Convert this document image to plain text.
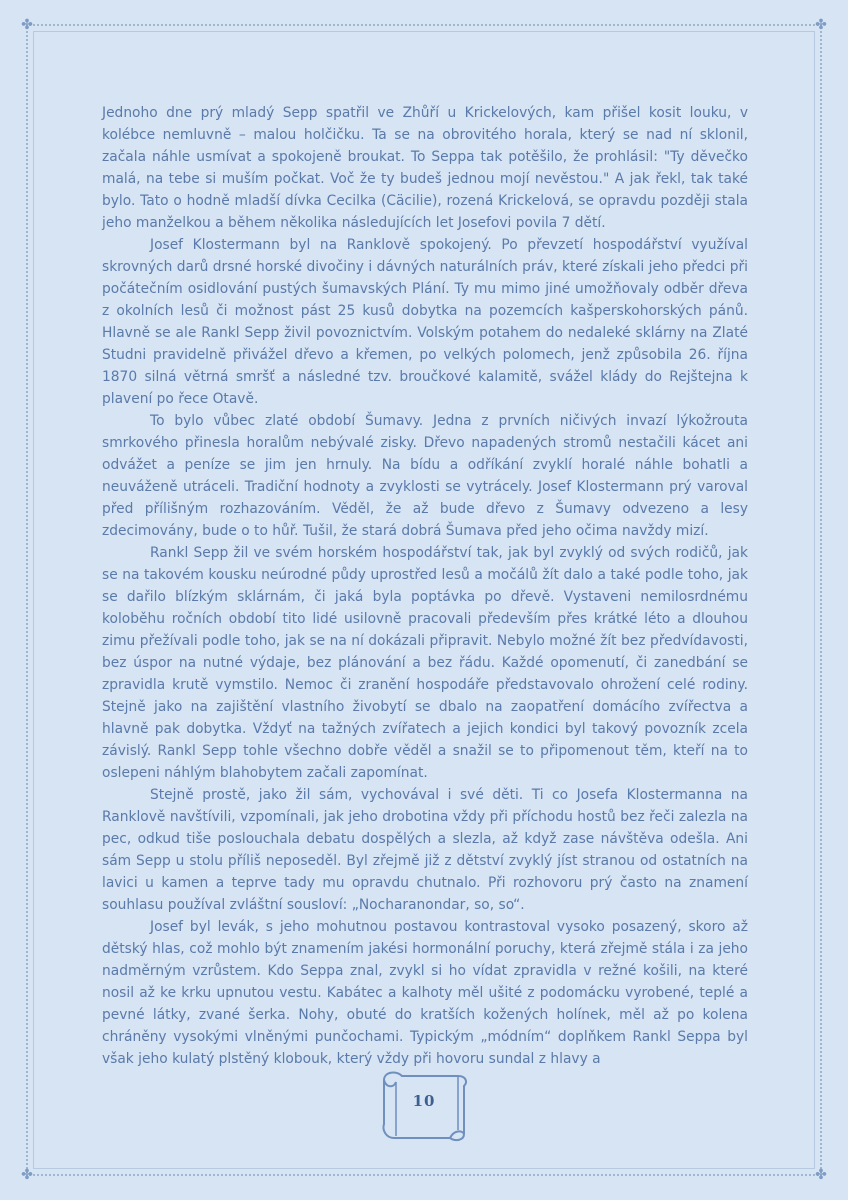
✤	✤
✤	✤

Jednoho dne prý mladý Sepp spatřil ve Zhůří u Krickelových, kam přišel kosit louku, v kolébce nemluvně – malou holčičku. Ta se na obrovitého horala, který se nad ní sklonil, začala náhle usmívat a spokojeně broukat. To Seppa tak potěšilo, že prohlásil: "Ty děvečko malá, na tebe si muším počkat. Voč že ty budeš jednou mojí nevěstou." A jak řekl, tak také bylo. Tato o hodně mladší dívka Cecilka (Cäcilie), rozená Krickelová, se opravdu později stala jeho manželkou a během několika následujících let Josefovi povila 7 dětí.

Josef Klostermann byl na Ranklově spokojený. Po převzetí hospodářství využíval skrovných darů drsné horské divočiny i dávných naturálních práv, které získali jeho předci při počátečním osidlování pustých šumavských Plání. Ty mu mimo jiné umožňovaly odběr dřeva z okolních lesů či možnost pást 25 kusů dobytka na pozemcích kašperskohorských pánů. Hlavně se ale Rankl Sepp živil povoznictvím. Volským potahem do nedaleké sklárny na Zlaté Studni pravidelně přivážel dřevo a křemen, po velkých polomech, jenž způsobila 26. října 1870 silná větrná smršť a následné tzv. broučkové kalamitě, svážel klády do Rejštejna k plavení po řece Otavě.

To bylo vůbec zlaté období Šumavy. Jedna z prvních ničivých invazí lýkožrouta smrkového přinesla horalům nebývalé zisky. Dřevo napadených stromů nestačili kácet ani odvážet a peníze se jim jen hrnuly. Na bídu a odříkání zvyklí horalé náhle bohatli a neuváženě utráceli. Tradiční hodnoty a zvyklosti se vytrácely. Josef Klostermann prý varoval před přílišným rozhazováním. Věděl, že až bude dřevo z Šumavy odvezeno a lesy zdecimovány, bude o to hůř. Tušil, že stará dobrá Šumava před jeho očima navždy mizí.

Rankl Sepp žil ve svém horském hospodářství tak, jak byl zvyklý od svých rodičů, jak se na takovém kousku neúrodné půdy uprostřed lesů a močálů žít dalo a také podle toho, jak se dařilo blízkým sklárnám, či jaká byla poptávka po dřevě. Vystaveni nemilosrdnému koloběhu ročních období tito lidé usilovně pracovali především přes krátké léto a dlouhou zimu přežívali podle toho, jak se na ní dokázali připravit. Nebylo možné žít bez předvídavosti, bez úspor na nutné výdaje, bez plánování a bez řádu. Každé opomenutí, či zanedbání se zpravidla krutě vymstilo. Nemoc či zranění hospodáře představovalo ohrožení celé rodiny. Stejně jako na zajištění vlastního živobytí se dbalo na zaopatření domácího zvířectva a hlavně pak dobytka. Vždyť na tažných zvířatech a jejich kondici byl takový povozník zcela závislý. Rankl Sepp tohle všechno dobře věděl a snažil se to připomenout těm, kteří na to oslepeni náhlým blahobytem začali zapomínat.

Stejně prostě, jako žil sám, vychovával i své děti. Ti co Josefa Klostermanna na Ranklově navštívili, vzpomínali, jak jeho drobotina vždy při příchodu hostů bez řeči zalezla na pec, odkud tiše poslouchala debatu dospělých a slezla, až když zase návštěva odešla. Ani sám Sepp u stolu příliš neposeděl. Byl zřejmě již z dětství zvyklý jíst stranou od ostatních na lavici u kamen a teprve tady mu opravdu chutnalo. Při rozhovoru prý často na znamení souhlasu používal zvláštní sousloví: „Nocharanondar, so, so“.

Josef byl levák, s jeho mohutnou postavou kontrastoval vysoko posazený, skoro až dětský hlas, což mohlo být znamením jakési hormonální poruchy, která zřejmě stála i za jeho nadměrným vzrůstem. Kdo Seppa znal, zvykl si ho vídat zpravidla v režné košili, na které nosil až ke krku upnutou vestu. Kabátec a kalhoty měl ušité z podomácku vyrobené, teplé a pevné látky, zvané šerka. Nohy, obuté do kratších kožených holínek, měl až po kolena chráněny vysokými vlněnými punčochami. Typickým „módním“ doplňkem Rankl Seppa byl však jeho kulatý plstěný klobouk, který vždy při hovoru sundal z hlavy a

10
